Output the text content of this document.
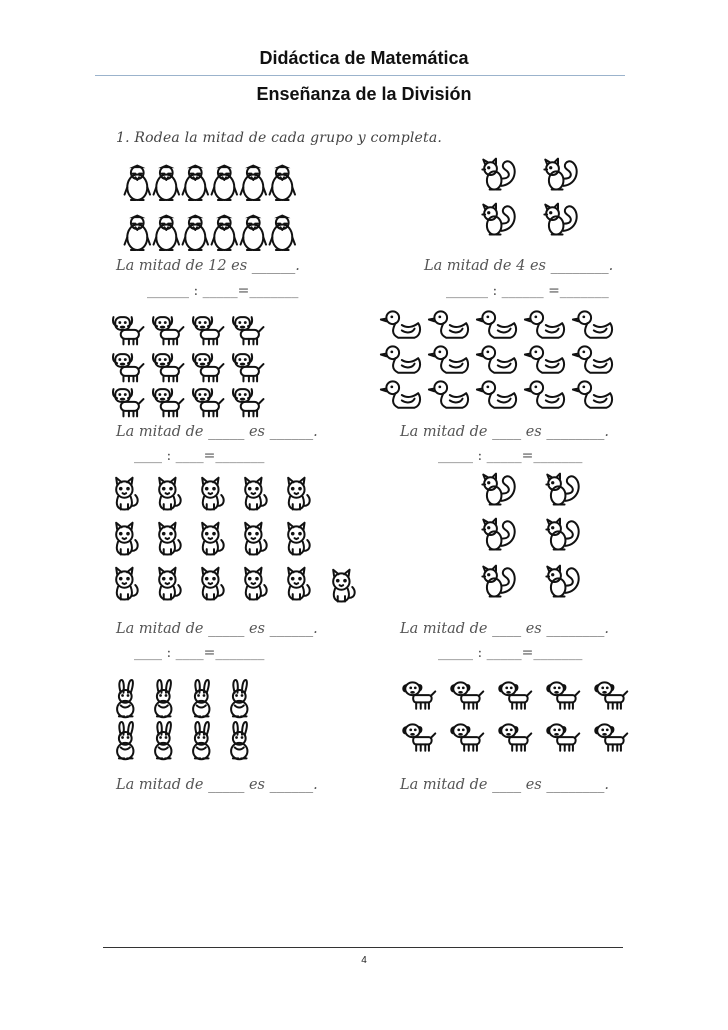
Didáctica de Matemática
Enseñanza de la División
1. Rodea la mitad de cada grupo y completa.
La mitad de 12 es ______.
______ : _____=_______
La mitad de 4 es ________.
______ : ______ =_______
La mitad de _____ es ______.
____ : ____=_______
La mitad de ____ es ________.
_____ : _____=_______
La mitad de _____ es ______.
____ : ____=_______
La mitad de ____ es ________.
_____ : _____=_______
La mitad de _____ es ______.	La mitad de ____ es ________.
4
